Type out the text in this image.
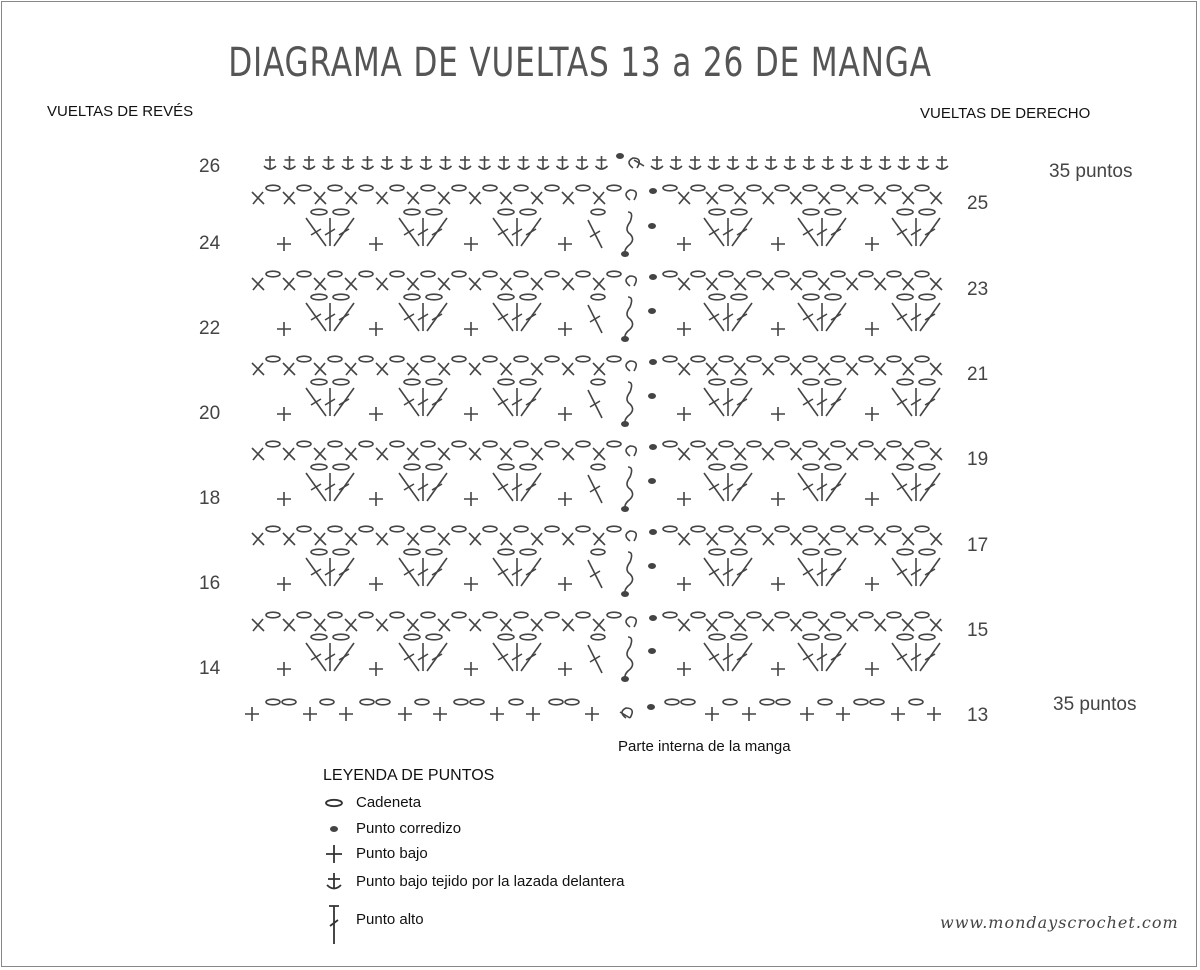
DIAGRAMA DE VUELTAS 13 a 26 DE MANGA
VUELTAS DE REVÉS	VUELTAS DE DERECHO
26
24
22
20
18
16
14
25
23
21
19
17
15
13
35 puntos
35 puntos
Parte interna de la manga
LEYENDA DE PUNTOS
Cadeneta
Punto corredizo
Punto bajo
Punto bajo tejido por la lazada delantera
Punto alto	www.mondayscrochet.com
